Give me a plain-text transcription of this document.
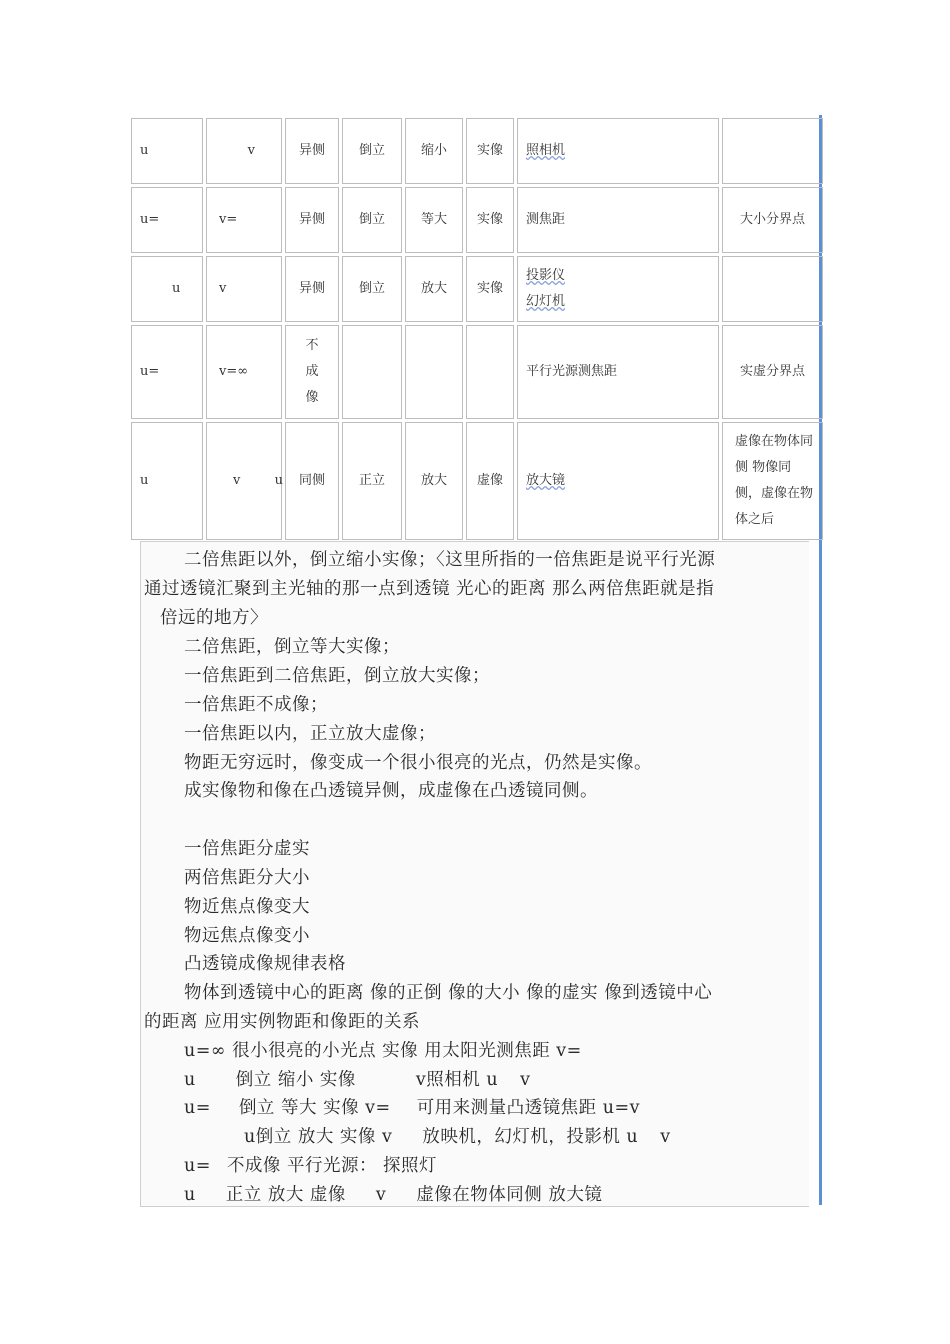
u	v	异侧	倒立	缩小	实像	照相机	
u=	v=	异侧	倒立	等大	实像	测焦距	大小分界点
u	v	异侧	倒立	放大	实像	投影仪
幻灯机	
u=	v=∞	不成像				平行光源测焦距	实虚分界点
u	v u	同侧	正立	放大	虚像	放大镜	虚像在物体同侧 物像同侧，虚像在物体之后
二倍焦距以外，倒立缩小实像；〈这里所指的一倍焦距是说平行光源
通过透镜汇聚到主光轴的那一点到透镜 光心的距离 那么两倍焦距就是指
倍远的地方〉
二倍焦距，倒立等大实像；
一倍焦距到二倍焦距，倒立放大实像；
一倍焦距不成像；
一倍焦距以内，正立放大虚像；
物距无穷远时，像变成一个很小很亮的光点，仍然是实像。
成实像物和像在凸透镜异侧，成虚像在凸透镜同侧。
一倍焦距分虚实
两倍焦距分大小
物近焦点像变大
物远焦点像变小
凸透镜成像规律表格
物体到透镜中心的距离 像的正倒 像的大小 像的虚实 像到透镜中心
的距离 应用实例物距和像距的关系
u=∞ 很小很亮的小光点 实像 用太阳光测焦距 v=
u 倒立 缩小 实像	v照相机 u v
u= 倒立 等大 实像 v= 可用来测量凸透镜焦距 u=v
u倒立 放大 实像 v 放映机，幻灯机，投影机 u v
u= 不成像 平行光源： 探照灯
u 正立 放大 虚像 v 虚像在物体同侧 放大镜
